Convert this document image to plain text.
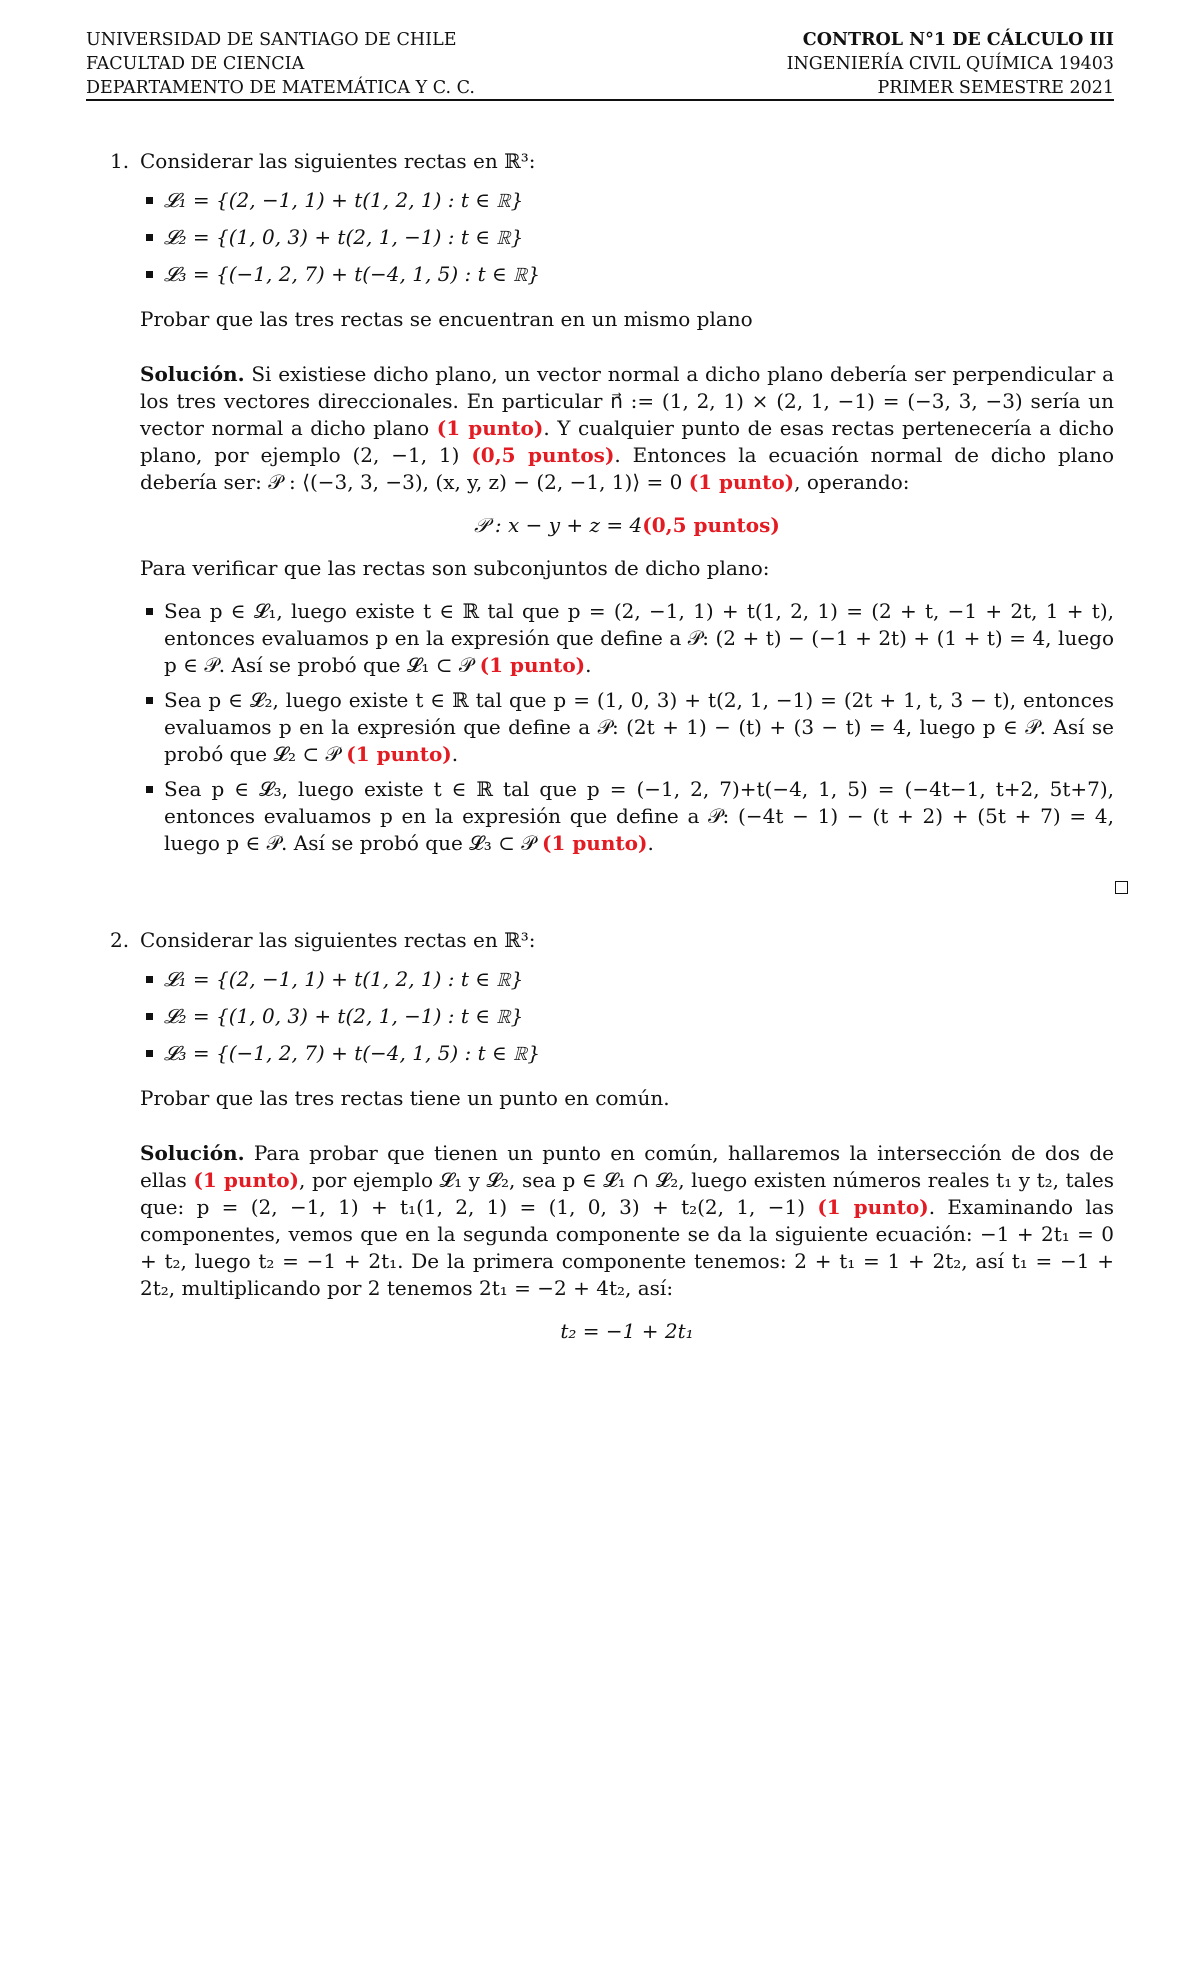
UNIVERSIDAD DE SANTIAGO DE CHILE
FACULTAD DE CIENCIA
DEPARTAMENTO DE MATEMÁTICA Y C. C.
CONTROL N°1 DE CÁLCULO III
INGENIERÍA CIVIL QUÍMICA 19403
PRIMER SEMESTRE 2021
1. Considerar las siguientes rectas en ℝ³:
𝓛₁ = {(2, −1, 1) + t(1, 2, 1) : t ∈ ℝ}
𝓛₂ = {(1, 0, 3) + t(2, 1, −1) : t ∈ ℝ}
𝓛₃ = {(−1, 2, 7) + t(−4, 1, 5) : t ∈ ℝ}

Probar que las tres rectas se encuentran en un mismo plano

Solución. Si existiese dicho plano, un vector normal a dicho plano debería ser perpendicular a los tres vectores direccionales. En particular n⃗ := (1, 2, 1) × (2, 1, −1) = (−3, 3, −3) sería un vector normal a dicho plano (1 punto). Y cualquier punto de esas rectas pertenecería a dicho plano, por ejemplo (2, −1, 1) (0,5 puntos). Entonces la ecuación normal de dicho plano debería ser: 𝒫 : ⟨(−3, 3, −3), (x, y, z) − (2, −1, 1)⟩ = 0 (1 punto), operando:

𝒫 : x − y + z = 4(0,5 puntos)

Para verificar que las rectas son subconjuntos de dicho plano:

Sea p ∈ 𝓛₁, luego existe t ∈ ℝ tal que p = (2, −1, 1) + t(1, 2, 1) = (2 + t, −1 + 2t, 1 + t), entonces evaluamos p en la expresión que define a 𝒫: (2 + t) − (−1 + 2t) + (1 + t) = 4, luego p ∈ 𝒫. Así se probó que 𝓛₁ ⊂ 𝒫 (1 punto).
Sea p ∈ 𝓛₂, luego existe t ∈ ℝ tal que p = (1, 0, 3) + t(2, 1, −1) = (2t + 1, t, 3 − t), entonces evaluamos p en la expresión que define a 𝒫: (2t + 1) − (t) + (3 − t) = 4, luego p ∈ 𝒫. Así se probó que 𝓛₂ ⊂ 𝒫 (1 punto).
Sea p ∈ 𝓛₃, luego existe t ∈ ℝ tal que p = (−1, 2, 7)+t(−4, 1, 5) = (−4t−1, t+2, 5t+7), entonces evaluamos p en la expresión que define a 𝒫: (−4t − 1) − (t + 2) + (5t + 7) = 4, luego p ∈ 𝒫. Así se probó que 𝓛₃ ⊂ 𝒫 (1 punto).
2. Considerar las siguientes rectas en ℝ³:
𝓛₁ = {(2, −1, 1) + t(1, 2, 1) : t ∈ ℝ}
𝓛₂ = {(1, 0, 3) + t(2, 1, −1) : t ∈ ℝ}
𝓛₃ = {(−1, 2, 7) + t(−4, 1, 5) : t ∈ ℝ}

Probar que las tres rectas tiene un punto en común.

Solución. Para probar que tienen un punto en común, hallaremos la intersección de dos de ellas (1 punto), por ejemplo 𝓛₁ y 𝓛₂, sea p ∈ 𝓛₁ ∩ 𝓛₂, luego existen números reales t₁ y t₂, tales que: p = (2, −1, 1) + t₁(1, 2, 1) = (1, 0, 3) + t₂(2, 1, −1) (1 punto). Examinando las componentes, vemos que en la segunda componente se da la siguiente ecuación: −1 + 2t₁ = 0 + t₂, luego t₂ = −1 + 2t₁. De la primera componente tenemos: 2 + t₁ = 1 + 2t₂, así t₁ = −1 + 2t₂, multiplicando por 2 tenemos 2t₁ = −2 + 4t₂, así:

t₂ = −1 + 2t₁
